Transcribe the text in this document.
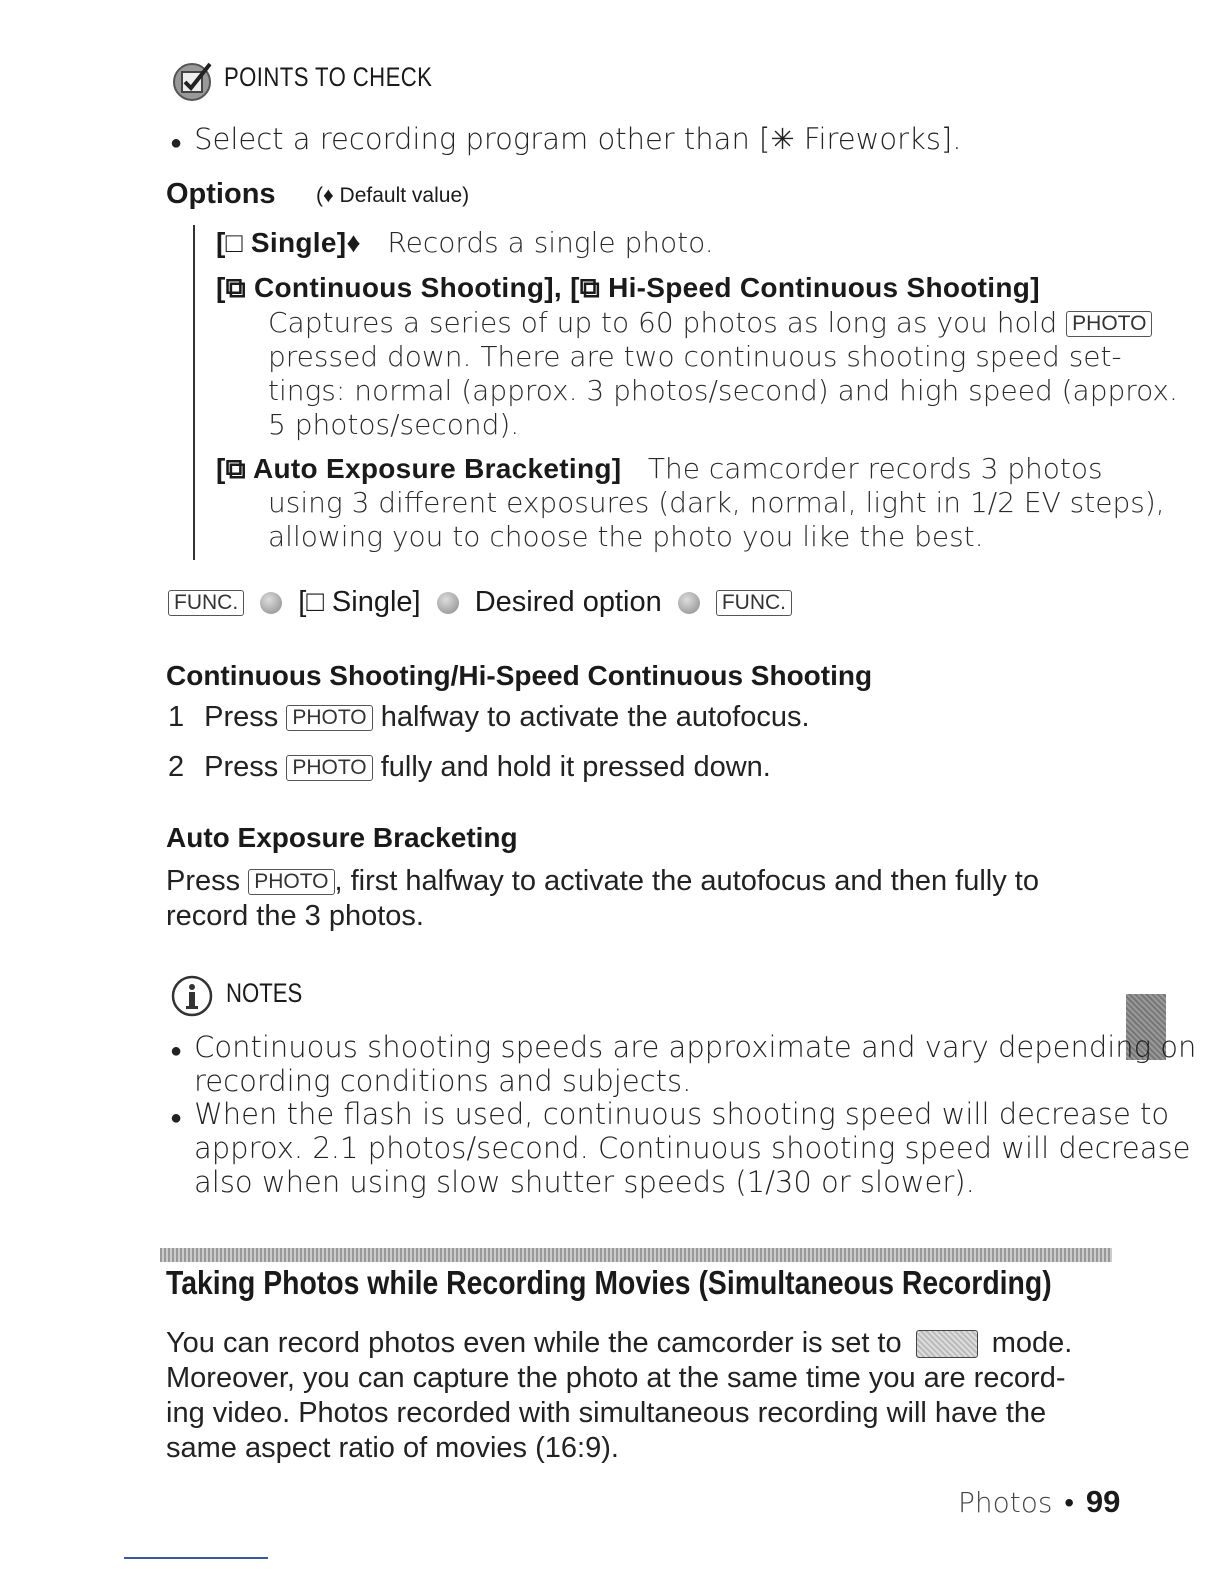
POINTS TO CHECK
● Select a recording program other than [✳ Fireworks].
Options (♦ Default value)
[□ Single]♦ Records a single photo.
[⧉ Continuous Shooting], [⧉ Hi-Speed Continuous Shooting]
Captures a series of up to 60 photos as long as you hold PHOTO
pressed down. There are two continuous shooting speed set-
tings: normal (approx. 3 photos/second) and high speed (approx.
5 photos/second).
[⧉ Auto Exposure Bracketing] The camcorder records 3 photos
using 3 different exposures (dark, normal, light in 1/2 EV steps),
allowing you to choose the photo you like the best.
FUNC. [□ Single] Desired option	FUNC.
Continuous Shooting/Hi-Speed Continuous Shooting
1 Press PHOTO halfway to activate the autofocus.
2 Press PHOTO fully and hold it pressed down.
Auto Exposure Bracketing
Press PHOTO , first halfway to activate the autofocus and then fully to
record the 3 photos.
NOTES
● Continuous shooting speeds are approximate and vary depending on
recording conditions and subjects.
● When the flash is used, continuous shooting speed will decrease to
approx. 2.1 photos/second. Continuous shooting speed will decrease
also when using slow shutter speeds (1/30 or slower).
Taking Photos while Recording Movies (Simultaneous Recording)
You can record photos even while the camcorder is set to	mode.
Moreover, you can capture the photo at the same time you are record-
ing video. Photos recorded with simultaneous recording will have the
same aspect ratio of movies (16:9).
Photos • 99
